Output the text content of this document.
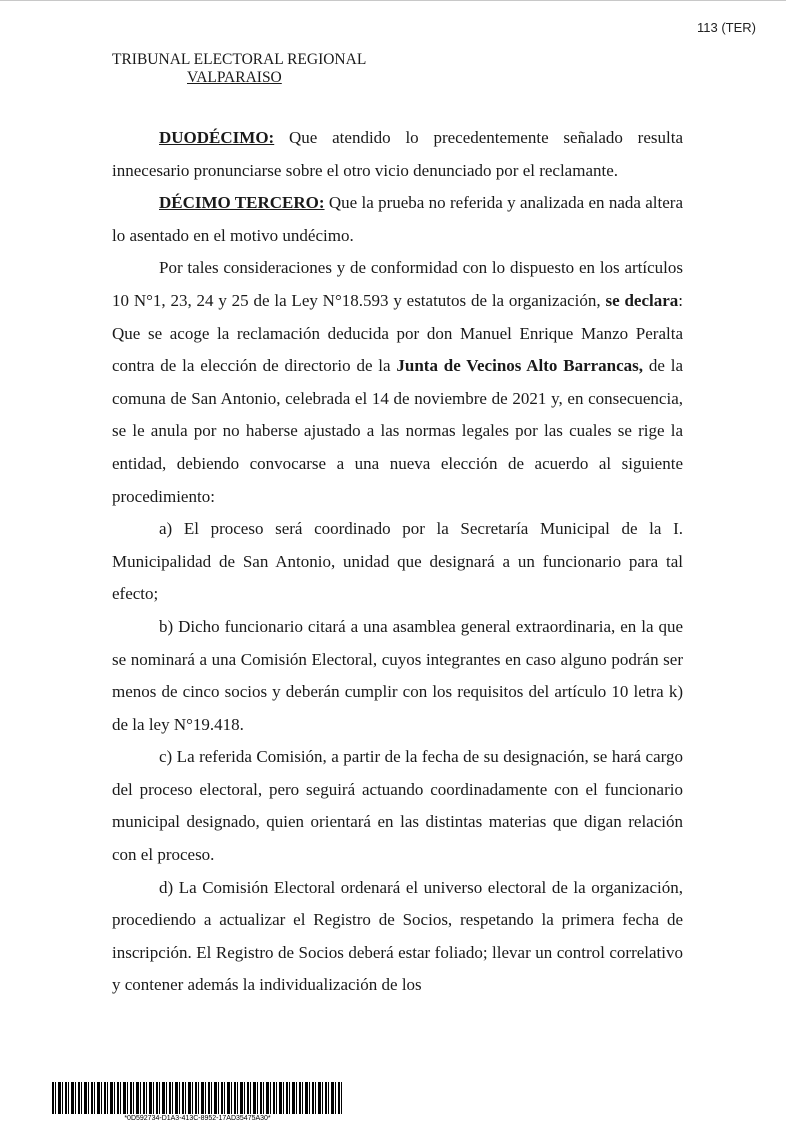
113 (TER)
TRIBUNAL ELECTORAL REGIONAL
VALPARAISO

DUODÉCIMO: Que atendido lo precedentemente señalado resulta innecesario pronunciarse sobre el otro vicio denunciado por el reclamante.

DÉCIMO TERCERO: Que la prueba no referida y analizada en nada altera lo asentado en el motivo undécimo.

Por tales consideraciones y de conformidad con lo dispuesto en los artículos 10 N°1, 23, 24 y 25 de la Ley N°18.593 y estatutos de la organización, se declara: Que se acoge la reclamación deducida por don Manuel Enrique Manzo Peralta contra de la elección de directorio de la Junta de Vecinos Alto Barrancas, de la comuna de San Antonio, celebrada el 14 de noviembre de 2021 y, en consecuencia, se le anula por no haberse ajustado a las normas legales por las cuales se rige la entidad, debiendo convocarse a una nueva elección de acuerdo al siguiente procedimiento:

a) El proceso será coordinado por la Secretaría Municipal de la I. Municipalidad de San Antonio, unidad que designará a un funcionario para tal efecto;

b) Dicho funcionario citará a una asamblea general extraordinaria, en la que se nominará a una Comisión Electoral, cuyos integrantes en caso alguno podrán ser menos de cinco socios y deberán cumplir con los requisitos del artículo 10 letra k) de la ley N°19.418.

c) La referida Comisión, a partir de la fecha de su designación, se hará cargo del proceso electoral, pero seguirá actuando coordinadamente con el funcionario municipal designado, quien orientará en las distintas materias que digan relación con el proceso.

d) La Comisión Electoral ordenará el universo electoral de la organización, procediendo a actualizar el Registro de Socios, respetando la primera fecha de inscripción. El Registro de Socios deberá estar foliado; llevar un control correlativo y contener además la individualización de los

*0D592734-D1A3-413C-8952-17AD35475A30*
